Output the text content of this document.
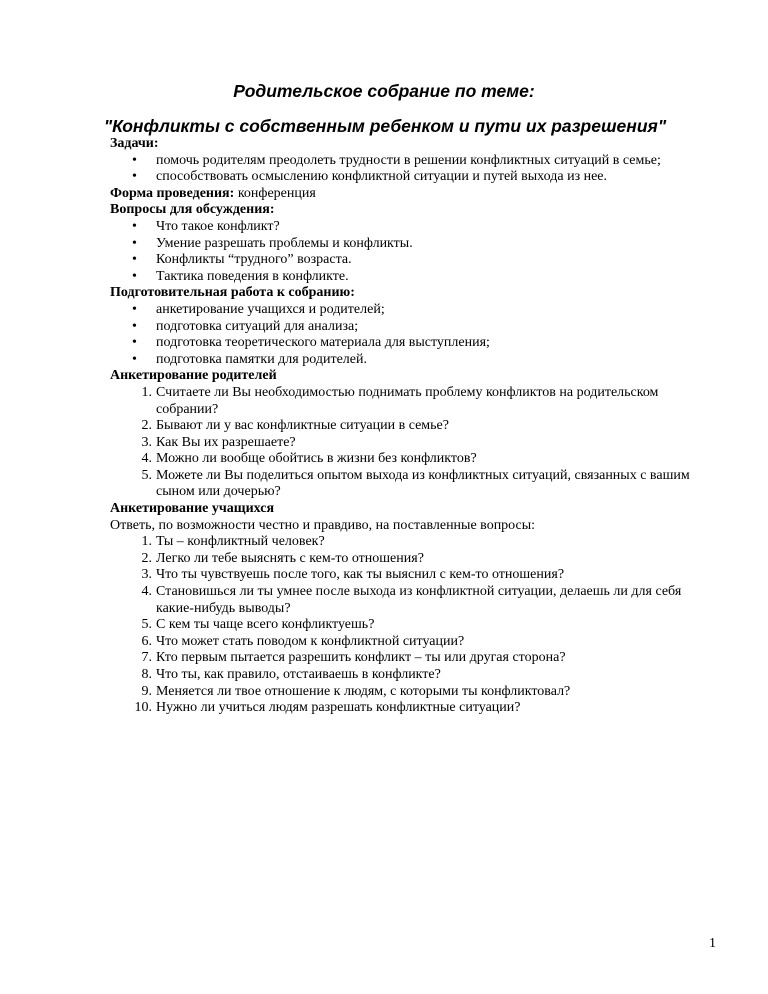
Родительское собрание по теме:
"Конфликты с собственным ребенком и пути их разрешения"

Задачи:

• помочь родителям преодолеть трудности в решении конфликтных ситуаций в семье;
• способствовать осмыслению конфликтной ситуации и путей выхода из нее.

Форма проведения: конференция

Вопросы для обсуждения:

• Что такое конфликт?
• Умение разрешать проблемы и конфликты.
• Конфликты “трудного” возраста.
• Тактика поведения в конфликте.

Подготовительная работа к собранию:

• анкетирование учащихся и родителей;
• подготовка ситуаций для анализа;
• подготовка теоретического материала для выступления;
• подготовка памятки для родителей.

Анкетирование родителей

1. Считаете ли Вы необходимостью поднимать проблему конфликтов на родительском собрании?
2. Бывают ли у вас конфликтные ситуации в семье?
3. Как Вы их разрешаете?
4. Можно ли вообще обойтись в жизни без конфликтов?
5. Можете ли Вы поделиться опытом выхода из конфликтных ситуаций, связанных с вашим сыном или дочерью?

Анкетирование учащихся

Ответь, по возможности честно и правдиво, на поставленные вопросы:

1. Ты – конфликтный человек?
2. Легко ли тебе выяснять с кем-то отношения?
3. Что ты чувствуешь после того, как ты выяснил с кем-то отношения?
4. Становишься ли ты умнее после выхода из конфликтной ситуации, делаешь ли для себя какие-нибудь выводы?
5. С кем ты чаще всего конфликтуешь?
6. Что может стать поводом к конфликтной ситуации?
7. Кто первым пытается разрешить конфликт – ты или другая сторона?
8. Что ты, как правило, отстаиваешь в конфликте?
9. Меняется ли твое отношение к людям, с которыми ты конфликтовал?
10. Нужно ли учиться людям разрешать конфликтные ситуации?
1
